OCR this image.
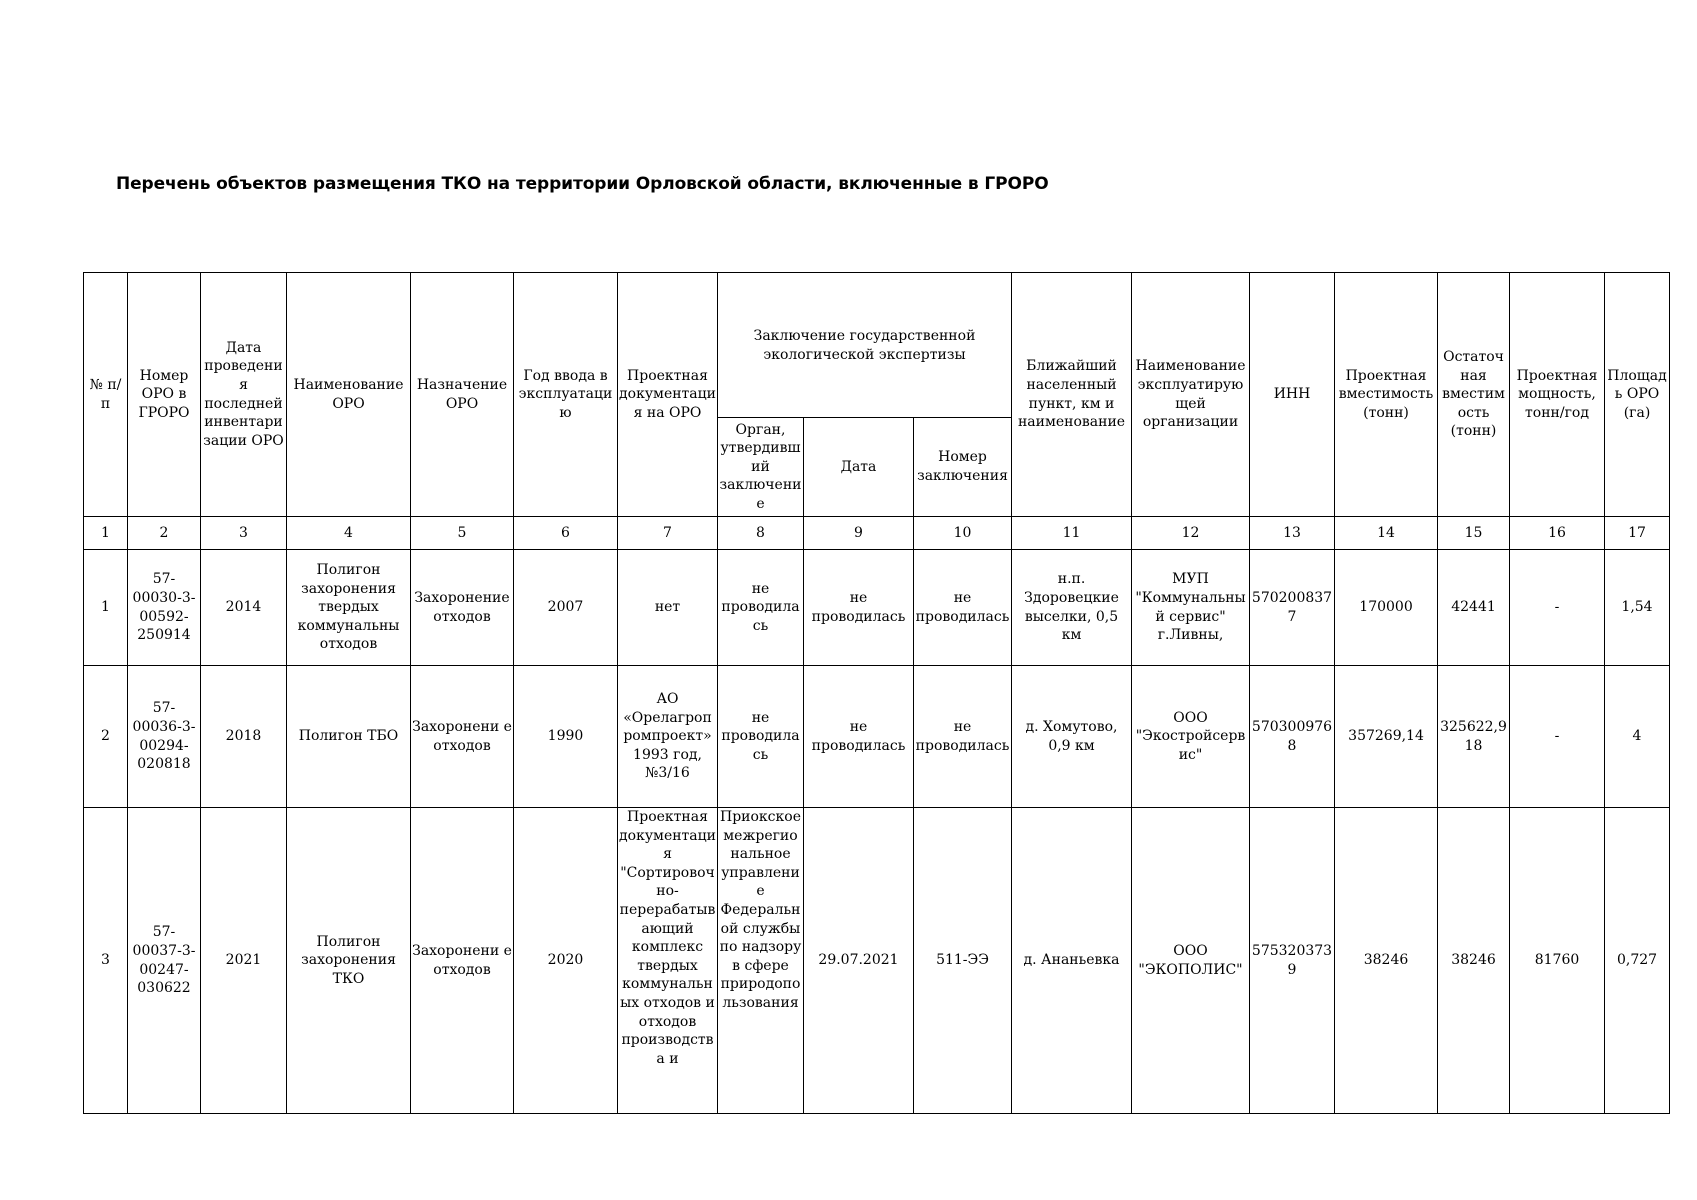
Перечень объектов размещения ТКО на территории Орловской области, включенные в ГРОРО
№ п/п	Номер ОРО в ГРОРО	Дата проведения последней инвентаризации ОРО	Наименование ОРО	Назначение ОРО	Год ввода в эксплуатацию	Проектная документация на ОРО	Заключение государственной экологической экспертизы			Ближайший населенный пункт, км и наименование	Наименование эксплуатирующей организации	ИНН	Проектная вместимость (тонн)	Остаточная вместимость (тонн)	Проектная мощность, тонн/год	Площадь ОРО (га)
							Орган, утвердивший заключение	Дата	Номер заключения							
1	2	3	4	5	6	7	8	9	10	11	12	13	14	15	16	17
1	57-00030-3-00592-250914	2014	Полигон захоронения твердых коммунальны отходов	Захоронение отходов	2007	нет	не проводилась	не проводилась	не проводилась	н.п. Здоровецкие выселки, 0,5 км	МУП "Коммунальный сервис" г.Ливны,	5702008377	170000	42441	-	1,54
2	57-00036-3-00294-020818	2018	Полигон ТБО	Захоронени е отходов	1990	АО «Орелагропромпроект» 1993 год, №3/16	не проводилась	не проводилась	не проводилась	д. Хомутово, 0,9 км	ООО "Экостройсервис"	5703009768	357269,14	325622,918	-	4
3	57-00037-3-00247-030622	2021	Полигон захоронения ТКО	Захоронени е отходов	2020	Проектная документация "Сортировочно-перерабатывающий комплекс твердых коммунальных отходов и отходов производства и	Приокское межрегиональное управление Федеральной службы по надзору в сфере природопользования	29.07.2021	511-ЭЭ	д. Ананьевка	ООО "ЭКОПОЛИС"	5753203739	38246	38246	81760	0,727
